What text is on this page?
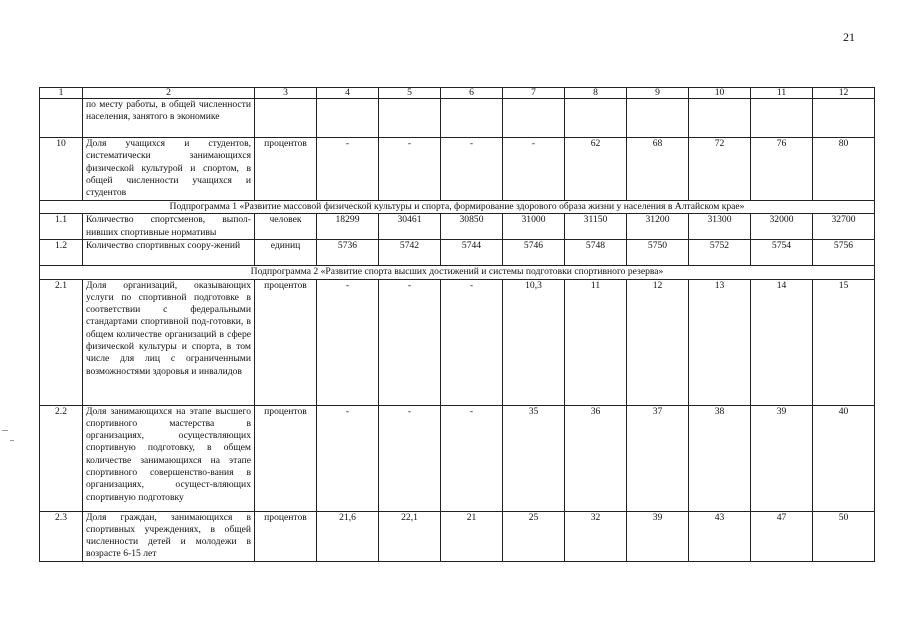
21
1	2	3	4	5	6	7	8	9	10	11	12
	по месту работы, в общей численности населения, занятого в экономике										
10	Доля учащихся и студентов, систематически занимающихся физической культурой и спортом, в общей численности учащихся и студентов	процентов	-	-	-	-	62	68	72	76	80
Подпрограмма 1 «Развитие массовой физической культуры и спорта, формирование здорового образа жизни у населения в Алтайском крае»											
1.1	Количество спортсменов, выпол-нивших спортивные нормативы	человек	18299	30461	30850	31000	31150	31200	31300	32000	32700
1.2	Количество спортивных соору-жений	единиц	5736	5742	5744	5746	5748	5750	5752	5754	5756
Подпрограмма 2 «Развитие спорта высших достижений и системы подготовки спортивного резерва»											
2.1	Доля организаций, оказывающих услуги по спортивной подготовке в соответствии с федеральными стандартами спортивной под-готовки, в общем количестве организаций в сфере физической культуры и спорта, в том числе для лиц с ограниченными возможностями здоровья и инвалидов	процентов	-	-	-	10,3	11	12	13	14	15
2.2	Доля занимающихся на этапе высшего спортивного мастерства в организациях, осуществляющих спортивную подготовку, в общем количестве занимающихся на этапе спортивного совершенство-вания в организациях, осущест-вляющих спортивную подготовку	процентов	-	-	-	35	36	37	38	39	40
2.3	Доля граждан, занимающихся в спортивных учреждениях, в общей численности детей и молодежи в возрасте 6-15 лет	процентов	21,6	22,1	21	25	32	39	43	47	50
